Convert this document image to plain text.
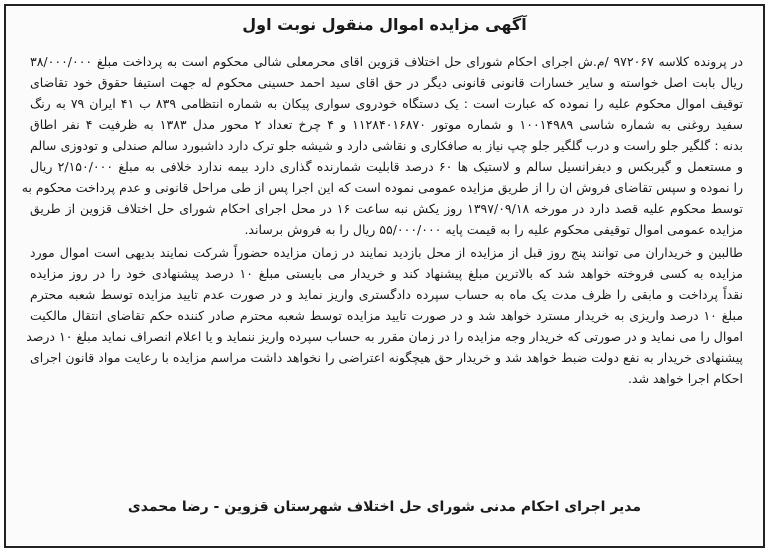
آگهی مزایده اموال منقول نوبت اول
در پرونده کلاسه ۹۷۲۰۶۷ /م.ش اجرای احکام شورای حل اختلاف قزوین اقای محرمعلی شالی محکوم است به پرداخت مبلغ ۳۸/۰۰۰/۰۰۰
ریال بابت اصل خواسته و سایر خسارات قانونی قانونی دیگر در حق اقای سید احمد حسینی محکوم له جهت استیفا حقوق خود تقاضای
توقیف اموال محکوم علیه را نموده که عبارت است : یک دستگاه خودروی سواری پیکان به شماره انتظامی ۸۳۹ ب ۴۱ ایران ۷۹ به رنگ
سفید روغنی به شماره شاسی ۱۰۰۱۴۹۸۹ و شماره موتور ۱۱۲۸۴۰۱۶۸۷۰ و ۴ چرخ تعداد ۲ محور مدل ۱۳۸۳ به ظرفیت ۴ نفر اطاق
بدنه : گلگیر جلو راست و درب گلگیر جلو چپ نیاز به صافکاری و نقاشی دارد و شیشه جلو ترک دارد داشبورد سالم صندلی و تودوزی سالم
و مستعمل و گیربکس و دیفرانسیل سالم و لاستیک ها ۶۰ درصد قابلیت شمارنده گذاری دارد بیمه ندارد خلافی به مبلغ ۲/۱۵۰/۰۰۰ ریال
را نموده و سپس تقاضای فروش ان را از طریق مزایده عمومی نموده است که این اجرا پس از طی مراحل قانونی و عدم پرداخت محکوم به
توسط محکوم علیه قصد دارد در مورخه ۱۳۹۷/۰۹/۱۸ روز یکش نبه ساعت ۱۶ در محل اجرای احکام شورای حل اختلاف قزوین از طریق
مزایده عمومی اموال توقیفی محکوم علیه را به قیمت پایه ۵۵/۰۰۰/۰۰۰ ریال را به فروش برساند.
طالبین و خریداران می توانند پنج روز قبل از مزایده از محل بازدید نمایند در زمان مزایده حضوراً شرکت نمایند بدیهی است اموال مورد
مزایده به کسی فروخته خواهد شد که بالاترین مبلغ پیشنهاد کند و خریدار می بایستی مبلغ ۱۰ درصد پیشنهادی خود را در روز مزایده
نقداً پرداخت و مابقی را ظرف مدت یک ماه به حساب سپرده دادگستری واریز نماید و در صورت عدم تایید مزایده توسط شعبه محترم
مبلغ ۱۰ درصد واریزی به خریدار مسترد خواهد شد و در صورت تایید مزایده توسط شعبه محترم صادر کننده حکم تقاضای انتقال مالکیت
اموال را می نماید و در صورتی که خریدار وجه مزایده را در زمان مقرر به حساب سپرده واریز ننماید و یا اعلام انصراف نماید مبلغ ۱۰ درصد
پیشنهادی خریدار به نفع دولت ضبط خواهد شد و خریدار حق هیچگونه اعتراضی را نخواهد داشت مراسم مزایده با رعایت مواد قانون اجرای
احکام اجرا خواهد شد.
مدیر اجرای احکام مدنی شورای حل اختلاف شهرستان قزوین - رضا محمدی
